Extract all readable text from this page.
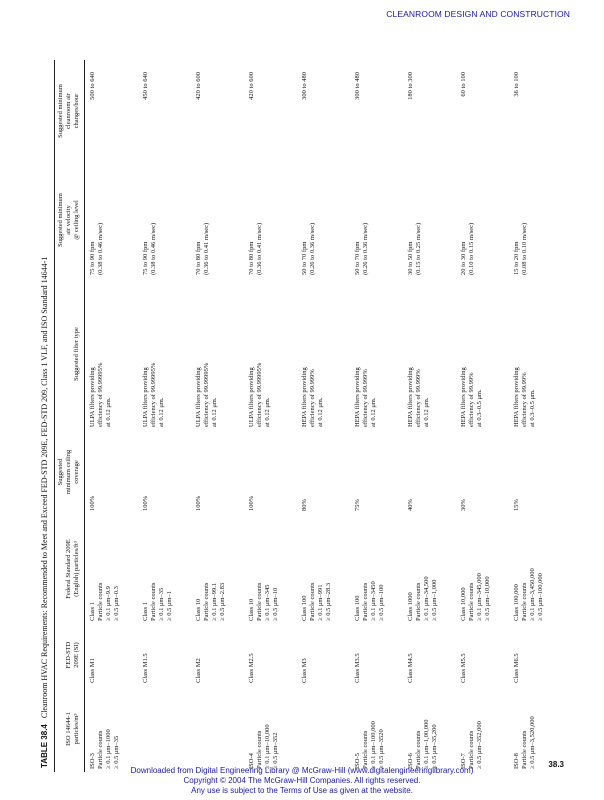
CLEANROOM DESIGN AND CONSTRUCTION
TABLE 38.4   Cleanroom HVAC Requirements: Recommended to Meet and Exceed FED-STD 209E, FED-STD 209, Class 1 VLF, and ISO Standard 14644-1
ISO 14644-1 particles/m³	FED-STD 209E (SI)	Federal Standard 209E (English) particles/ft³	Suggested minimum ceiling coverage	Suggested filter type	Suggested minimum air velocity @ ceiling level	Suggested minimum cleanroom air changes/hour

ISO-3 Particle counts ≥ 0.1 μm–1000 ≥ 0.5 μm–35	Class M1	Class 1 Particle counts ≥ 0.1 μm–9.9 ≥ 0.5 μm–0.3	100%	ULPA filters providing efficiency of 99.99995% at 0.12 μm.	75 to 90 fpm (0.38 to 0.46 m/sec)	500 to 640
	Class M1.5	Class 1 Particle counts ≥ 0.1 μm–35 ≥ 0.5 μm–1	100%	ULPA filters providing efficiency of 99.99995% at 0.12 μm.	75 to 90 fpm (0.38 to 0.46 m/sec)	450 to 640
	Class M2	Class 10 Particle counts ≥ 0.1 μm–99.1 ≥ 0.5 μm–2.83	100%	ULPA filters providing efficiency of 99.99995% at 0.12 μm.	70 to 80 fpm (0.36 to 0.41 m/sec)	420 to 600

ISO-4 Particle counts ≥ 0.1 μm–10,000 ≥ 0.5 μm–352	Class M2.5	Class 10 Particle counts ≥ 0.1 μm–345 ≥ 0.5 μm–10	100%	ULPA filters providing efficiency of 99.99995% at 0.12 μm.	70 to 80 fpm (0.36 to 0.41 m/sec)	420 to 600
	Class M3	Class 100 Particle counts ≥ 0.1 μm–991 ≥ 0.5 μm–28.3	80%	HEPA filters providing efficiency of 99.999% at 0.12 μm.	50 to 70 fpm (0.26 to 0.36 m/sec)	300 to 480

ISO-5 Particle counts ≥ 0.1 μm–100,000 ≥ 0.5 μm–3520	Class M3.5	Class 100 Particle counts ≥ 0.1 μm–3450 ≥ 0.5 μm–100	75%	HEPA filters providing efficiency of 99.999% at 0.12 μm.	50 to 70 fpm (0.26 to 0.36 m/sec)	300 to 480

ISO-6 Particle counts ≥ 0.1 μm–1,00,000 ≥ 0.5 μm–35,200	Class M4.5	Class 1000 Particle counts ≥ 0.1 μm–34,500 ≥ 0.5 μm–1,000	40%	HEPA filters providing efficiency of 99.999% at 0.12 μm.	30 to 50 fpm (0.15 to 0.25 m/sec)	180 to 300

ISO-7 Particle counts ≥ 0.5 μm–352,000	Class M5.5	Class 10,000 Particle counts ≥ 0.1 μm–345,000 ≥ 0.5 μm–10,000	30%	HEPA filters providing efficiency of 99.99% at 0.3–0.5 μm.	20 to 30 fpm (0.10 to 0.15 m/sec)	60 to 100

ISO-8 Particle counts ≥ 0.5 μm–3,520,000	Class M6.5	Class 100,000 Particle counts ≥ 0.1 μm–3,450,000 ≥ 0.5 μm–100,000	15%	HEPA filters providing efficiency of 99.99% at 0.3–0.5 μm.	15 to 20 fpm (0.08 to 0.10 m/sec)	36 to 100
38.3
Downloaded from Digital Engineering Library @ McGraw-Hill (www.digitalengineeringlibrary.com)
Copyright © 2004 The McGraw-Hill Companies. All rights reserved.
Any use is subject to the Terms of Use as given at the website.
